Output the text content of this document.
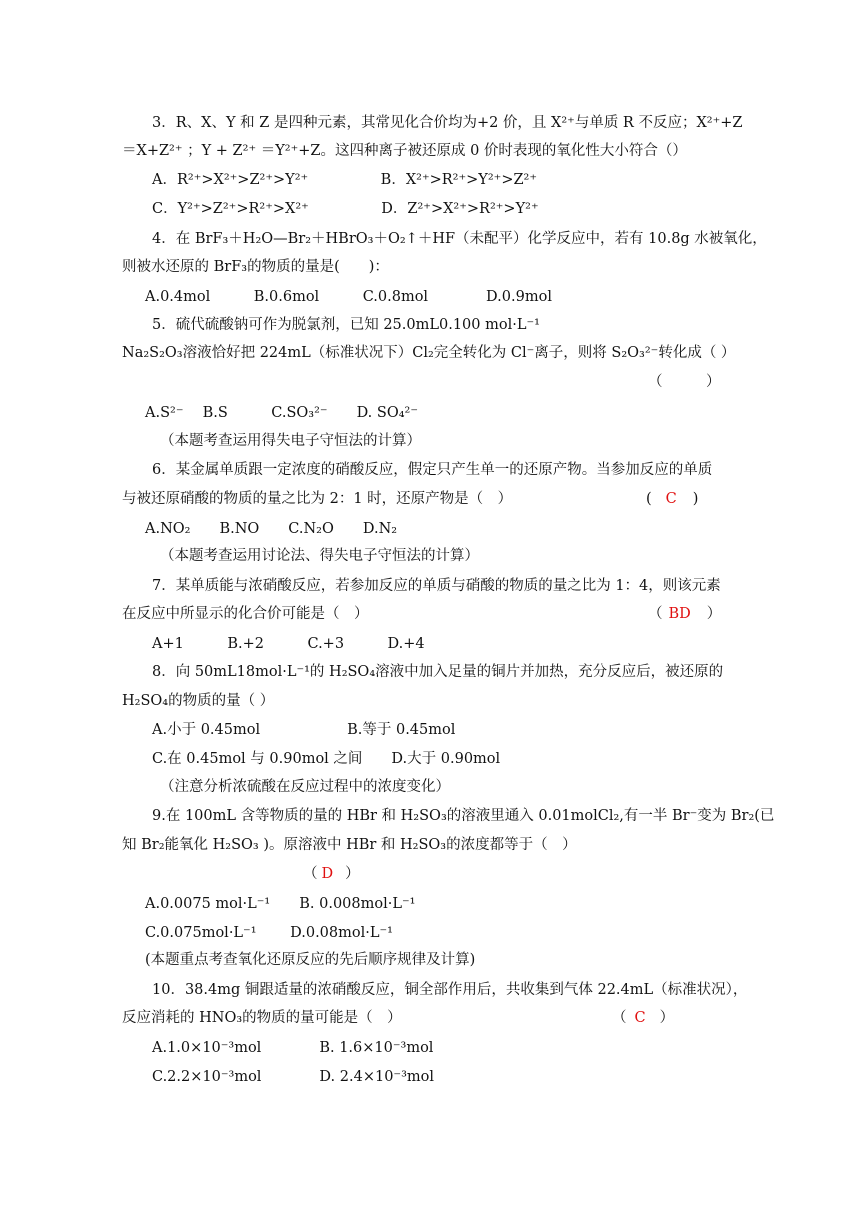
3．R、X、Y 和 Z 是四种元素，其常见化合价均为+2 价，且 X²⁺与单质 R 不反应；X²⁺+Z
＝X+Z²⁺ ；Y + Z²⁺ ＝Y²⁺+Z。这四种离子被还原成 0 价时表现的氧化性大小符合（）
A．R²⁺>X²⁺>Z²⁺>Y²⁺　　　　　B．X²⁺>R²⁺>Y²⁺>Z²⁺
C．Y²⁺>Z²⁺>R²⁺>X²⁺　　　　　D．Z²⁺>X²⁺>R²⁺>Y²⁺
4．在 BrF₃＋H₂O—Br₂＋HBrO₃＋O₂↑＋HF（未配平）化学反应中，若有 10.8g 水被氧化，
则被水还原的 BrF₃的物质的量是(　　)：
A.0.4mol　　　B.0.6mol　　　C.0.8mol　　　　D.0.9mol
5．硫代硫酸钠可作为脱氯剂，已知 25.0mL0.100 mol·L⁻¹
Na₂S₂O₃溶液恰好把 224mL（标准状况下）Cl₂完全转化为 Cl⁻离子，则将 S₂O₃²⁻转化成（ ）
（　　　）
A.S²⁻　 B.S　　　C.SO₃²⁻　　D. SO₄²⁻
（本题考查运用得失电子守恒法的计算）
6．某金属单质跟一定浓度的硝酸反应，假定只产生单一的还原产物。当参加反应的单质
与被还原硝酸的物质的量之比为 2：1 时，还原产物是（　）	( C )
A.NO₂　　B.NO　　C.N₂O　　D.N₂
（本题考查运用讨论法、得失电子守恒法的计算）
7．某单质能与浓硝酸反应，若参加反应的单质与硝酸的物质的量之比为 1：4，则该元素
在反应中所显示的化合价可能是（　）	（ BD ）
A+1　　　B.+2　　　C.+3　　　D.+4
8．向 50mL18mol·L⁻¹的 H₂SO₄溶液中加入足量的铜片并加热，充分反应后，被还原的
H₂SO₄的物质的量（ ）
A.小于 0.45mol　　　　　　B.等于 0.45mol
C.在 0.45mol 与 0.90mol 之间　　D.大于 0.90mol
（注意分析浓硫酸在反应过程中的浓度变化）
9.在 100mL 含等物质的量的 HBr 和 H₂SO₃的溶液里通入 0.01molCl₂,有一半 Br⁻变为 Br₂(已
知 Br₂能氧化 H₂SO₃ )。原溶液中 HBr 和 H₂SO₃的浓度都等于（　）
（ D ）
A.0.0075 mol·L⁻¹　　B. 0.008mol·L⁻¹
C.0.075mol·L⁻¹　　 D.0.08mol·L⁻¹
(本题重点考查氧化还原反应的先后顺序规律及计算)
10．38.4mg 铜跟适量的浓硝酸反应，铜全部作用后，共收集到气体 22.4mL（标准状况），
反应消耗的 HNO₃的物质的量可能是（　）	（ C ）
A.1.0×10⁻³mol　　　　B. 1.6×10⁻³mol
C.2.2×10⁻³mol　　　　D. 2.4×10⁻³mol
